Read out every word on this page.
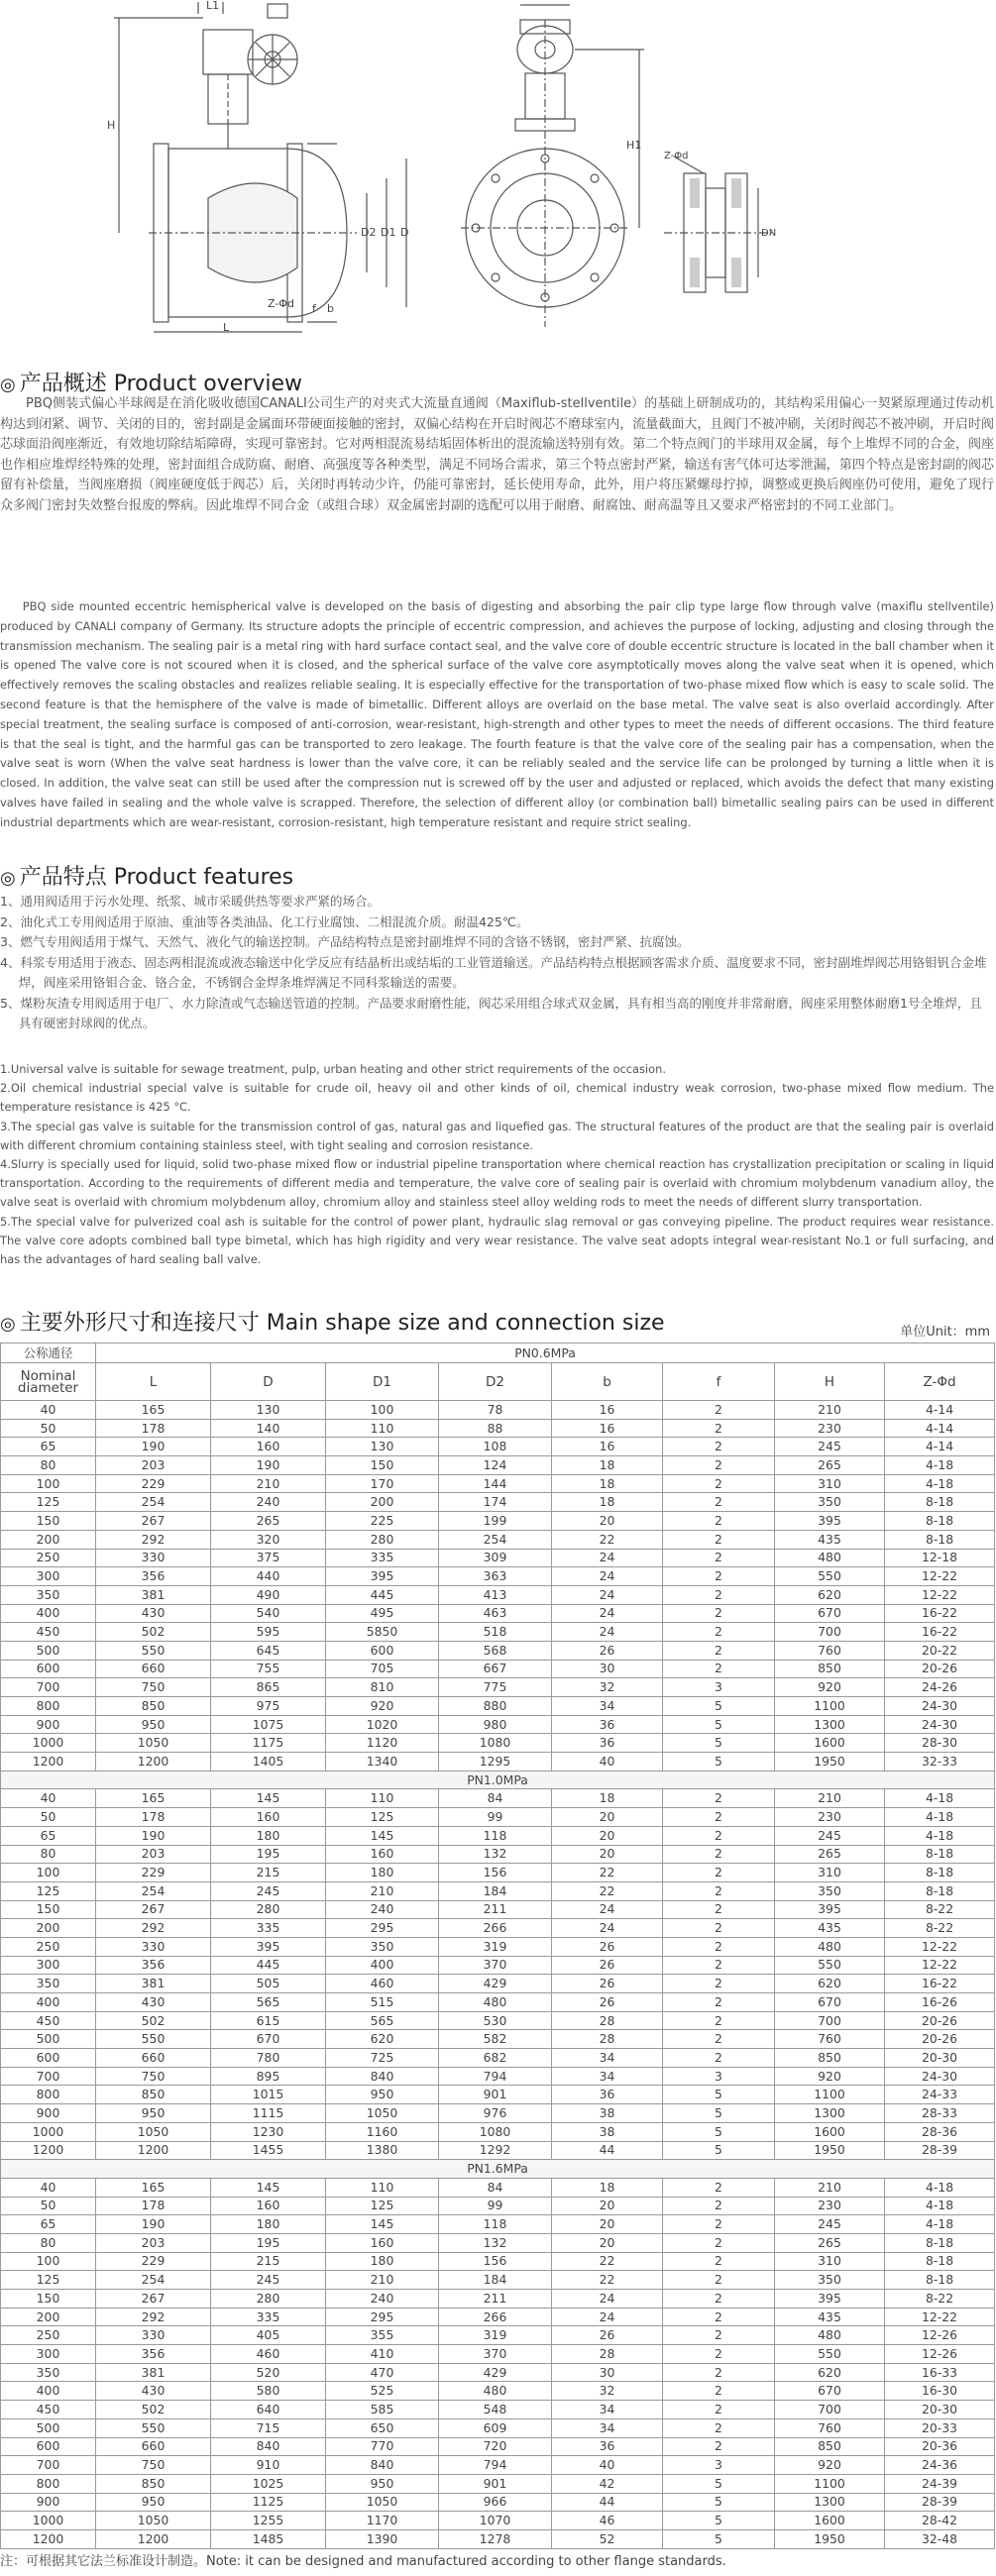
H
L1
D2 D1 D
L
Z-Φd f b
H1
Z-Φd
DN
◎ 产品概述 Product overview

PBQ侧装式偏心半球阀是在消化吸收德国CANALI公司生产的对夹式大流量直通阀（Maxiflub-stellventile）的基础上研制成功的，其结构采用偏心一契紧原理通过传动机构达到闭紧、调节、关闭的目的，密封副是金属面环带硬面接触的密封，双偏心结构在开启时阀芯不磨球室内，流量截面大，且阀门不被冲刷，关闭时阀芯不被冲刷，开启时阀芯球面沿阀座渐近，有效地切除结垢障碍，实现可靠密封。它对两相混流易结垢固体析出的混流输送特别有效。第二个特点阀门的半球用双金属，每个上堆焊不同的合金，阀座也作相应堆焊经特殊的处理，密封面组合成防腐、耐磨、高强度等各种类型，满足不同场合需求，第三个特点密封严紧，输送有害气体可达零泄漏，第四个特点是密封副的阀芯留有补偿量，当阀座磨损（阀座硬度低于阀芯）后，关闭时再转动少许，仍能可靠密封，延长使用寿命，此外，用户将压紧螺母拧掉，调整或更换后阀座仍可使用，避免了现行众多阀门密封失效整台报废的弊病。因此堆焊不同合金（或组合球）双金属密封副的选配可以用于耐磨、耐腐蚀、耐高温等且又要求严格密封的不同工业部门。

PBQ side mounted eccentric hemispherical valve is developed on the basis of digesting and absorbing the pair clip type large flow through valve (maxiflu stellventile) produced by CANALI company of Germany. Its structure adopts the principle of eccentric compression, and achieves the purpose of locking, adjusting and closing through the transmission mechanism. The sealing pair is a metal ring with hard surface contact seal, and the valve core of double eccentric structure is located in the ball chamber when it is opened The valve core is not scoured when it is closed, and the spherical surface of the valve core asymptotically moves along the valve seat when it is opened, which effectively removes the scaling obstacles and realizes reliable sealing. It is especially effective for the transportation of two-phase mixed flow which is easy to scale solid. The second feature is that the hemisphere of the valve is made of bimetallic. Different alloys are overlaid on the base metal. The valve seat is also overlaid accordingly. After special treatment, the sealing surface is composed of anti-corrosion, wear-resistant, high-strength and other types to meet the needs of different occasions. The third feature is that the seal is tight, and the harmful gas can be transported to zero leakage. The fourth feature is that the valve core of the sealing pair has a compensation, when the valve seat is worn (When the valve seat hardness is lower than the valve core, it can be reliably sealed and the service life can be prolonged by turning a little when it is closed. In addition, the valve seat can still be used after the compression nut is screwed off by the user and adjusted or replaced, which avoids the defect that many existing valves have failed in sealing and the whole valve is scrapped. Therefore, the selection of different alloy (or combination ball) bimetallic sealing pairs can be used in different industrial departments which are wear-resistant, corrosion-resistant, high temperature resistant and require strict sealing.

◎ 产品特点 Product features
1、通用阀适用于污水处理、纸浆、城市采暖供热等要求严紧的场合。
2、油化式工专用阀适用于原油、重油等各类油品、化工行业腐蚀、二相混流介质。耐温425℃。
3、燃气专用阀适用于煤气、天然气、液化气的输送控制。产品结构特点是密封副堆焊不同的含铬不锈钢，密封严紧、抗腐蚀。
4、科浆专用适用于液态、固态两相混流或液态输送中化学反应有结晶析出或结垢的工业管道输送。产品结构特点根据顾客需求介质、温度要求不同，密封副堆焊阀芯用铬钼钒合金堆焊，阀座采用铬钼合金、铬合金，不锈钢合金焊条堆焊满足不同科浆输送的需要。
5、煤粉灰渣专用阀适用于电厂、水力除渣或气态输送管道的控制。产品要求耐磨性能，阀芯采用组合球式双金属，具有相当高的刚度并非常耐磨，阀座采用整体耐磨1号全堆焊，且具有硬密封球阀的优点。

1.Universal valve is suitable for sewage treatment, pulp, urban heating and other strict requirements of the occasion.

2.Oil chemical industrial special valve is suitable for crude oil, heavy oil and other kinds of oil, chemical industry weak corrosion, two-phase mixed flow medium. The temperature resistance is 425 °C.

3.The special gas valve is suitable for the transmission control of gas, natural gas and liquefied gas. The structural features of the product are that the sealing pair is overlaid with different chromium containing stainless steel, with tight sealing and corrosion resistance.

4.Slurry is specially used for liquid, solid two-phase mixed flow or industrial pipeline transportation where chemical reaction has crystallization precipitation or scaling in liquid transportation. According to the requirements of different media and temperature, the valve core of sealing pair is overlaid with chromium molybdenum vanadium alloy, the valve seat is overlaid with chromium molybdenum alloy, chromium alloy and stainless steel alloy welding rods to meet the needs of different slurry transportation.

5.The special valve for pulverized coal ash is suitable for the control of power plant, hydraulic slag removal or gas conveying pipeline. The product requires wear resistance. The valve core adopts combined ball type bimetal, which has high rigidity and very wear resistance. The valve seat adopts integral wear-resistant No.1 or full surfacing, and has the advantages of hard sealing ball valve.

◎ 主要外形尺寸和连接尺寸 Main shape size and connection size	单位Unit：mm
公称通径	PN0.6MPa							
Nominal diameter	L	D	D1	D2	b	f	H	Z-Φd
40	165	130	100	78	16	2	210	4-14
50	178	140	110	88	16	2	230	4-14
65	190	160	130	108	16	2	245	4-14
80	203	190	150	124	18	2	265	4-18
100	229	210	170	144	18	2	310	4-18
125	254	240	200	174	18	2	350	8-18
150	267	265	225	199	20	2	395	8-18
200	292	320	280	254	22	2	435	8-18
250	330	375	335	309	24	2	480	12-18
300	356	440	395	363	24	2	550	12-22
350	381	490	445	413	24	2	620	12-22
400	430	540	495	463	24	2	670	16-22
450	502	595	5850	518	24	2	700	16-22
500	550	645	600	568	26	2	760	20-22
600	660	755	705	667	30	2	850	20-26
700	750	865	810	775	32	3	920	24-26
800	850	975	920	880	34	5	1100	24-30
900	950	1075	1020	980	36	5	1300	24-30
1000	1050	1175	1120	1080	36	5	1600	28-30
1200	1200	1405	1340	1295	40	5	1950	32-33
PN1.0MPa								
40	165	145	110	84	18	2	210	4-18
50	178	160	125	99	20	2	230	4-18
65	190	180	145	118	20	2	245	4-18
80	203	195	160	132	20	2	265	8-18
100	229	215	180	156	22	2	310	8-18
125	254	245	210	184	22	2	350	8-18
150	267	280	240	211	24	2	395	8-22
200	292	335	295	266	24	2	435	8-22
250	330	395	350	319	26	2	480	12-22
300	356	445	400	370	26	2	550	12-22
350	381	505	460	429	26	2	620	16-22
400	430	565	515	480	26	2	670	16-26
450	502	615	565	530	28	2	700	20-26
500	550	670	620	582	28	2	760	20-26
600	660	780	725	682	34	2	850	20-30
700	750	895	840	794	34	3	920	24-30
800	850	1015	950	901	36	5	1100	24-33
900	950	1115	1050	976	38	5	1300	28-33
1000	1050	1230	1160	1080	38	5	1600	28-36
1200	1200	1455	1380	1292	44	5	1950	28-39
PN1.6MPa								
40	165	145	110	84	18	2	210	4-18
50	178	160	125	99	20	2	230	4-18
65	190	180	145	118	20	2	245	4-18
80	203	195	160	132	20	2	265	8-18
100	229	215	180	156	22	2	310	8-18
125	254	245	210	184	22	2	350	8-18
150	267	280	240	211	24	2	395	8-22
200	292	335	295	266	24	2	435	12-22
250	330	405	355	319	26	2	480	12-26
300	356	460	410	370	28	2	550	12-26
350	381	520	470	429	30	2	620	16-33
400	430	580	525	480	32	2	670	16-30
450	502	640	585	548	34	2	700	20-30
500	550	715	650	609	34	2	760	20-33
600	660	840	770	720	36	2	850	20-36
700	750	910	840	794	40	3	920	24-36
800	850	1025	950	901	42	5	1100	24-39
900	950	1125	1050	966	44	5	1300	28-39
1000	1050	1255	1170	1070	46	5	1600	28-42
1200	1200	1485	1390	1278	52	5	1950	32-48
注：可根据其它法兰标准设计制造。Note: it can be designed and manufactured according to other flange standards.
